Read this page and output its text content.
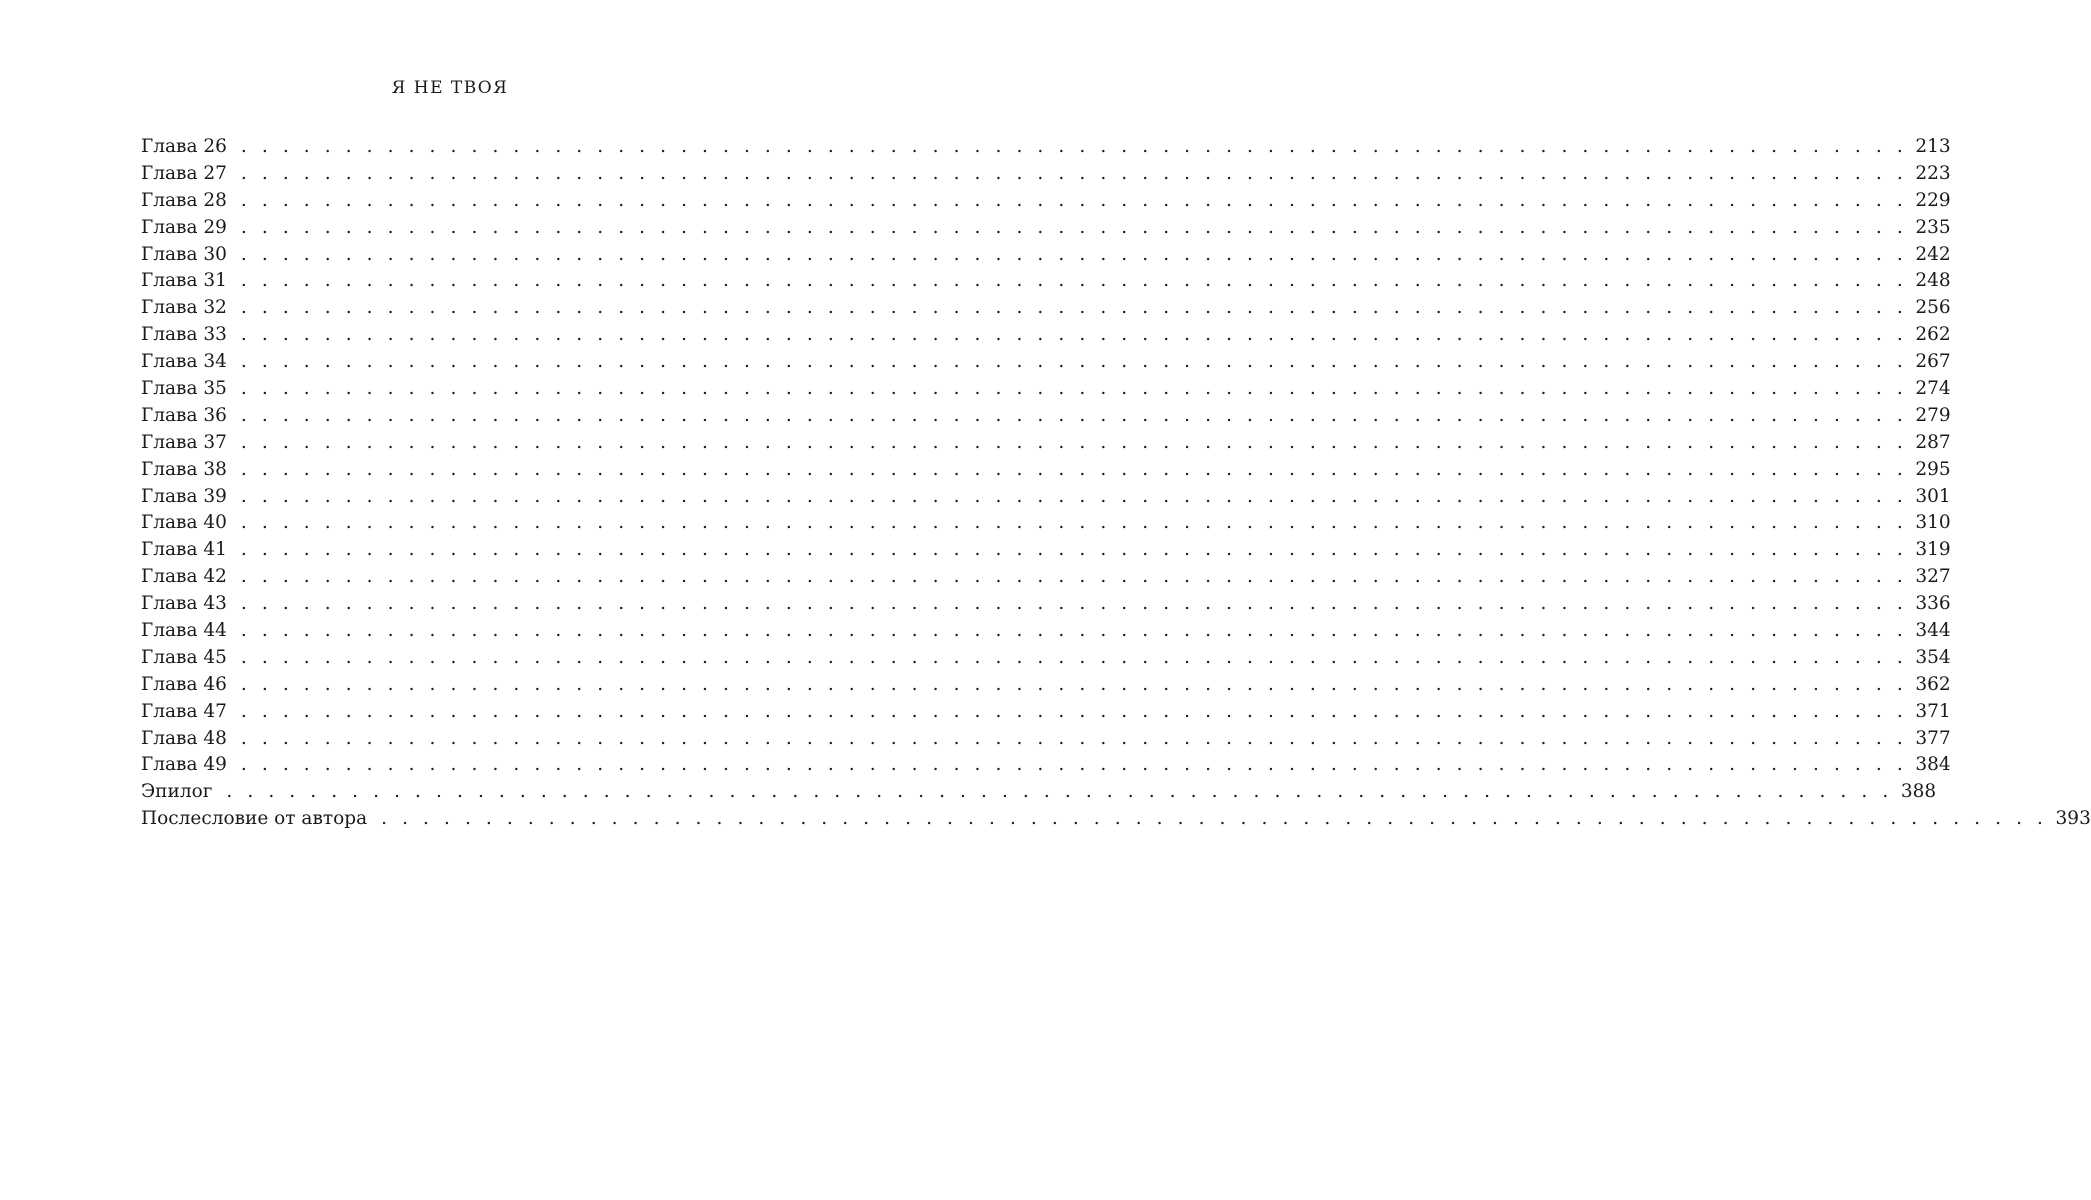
Я НЕ ТВОЯ
Глава 26 . . . . . . . . . . . . . . . . . . . . . . . . . . . . . . . . . . . . . . . . . . . . . . . . . . . . . . . . . . . . . . . . . . . . . . . . . . . . . . . . 213
Глава 27 . . . . . . . . . . . . . . . . . . . . . . . . . . . . . . . . . . . . . . . . . . . . . . . . . . . . . . . . . . . . . . . . . . . . . . . . . . . . . . . . 223
Глава 28 . . . . . . . . . . . . . . . . . . . . . . . . . . . . . . . . . . . . . . . . . . . . . . . . . . . . . . . . . . . . . . . . . . . . . . . . . . . . . . . . 229
Глава 29 . . . . . . . . . . . . . . . . . . . . . . . . . . . . . . . . . . . . . . . . . . . . . . . . . . . . . . . . . . . . . . . . . . . . . . . . . . . . . . . . 235
Глава 30 . . . . . . . . . . . . . . . . . . . . . . . . . . . . . . . . . . . . . . . . . . . . . . . . . . . . . . . . . . . . . . . . . . . . . . . . . . . . . . . . 242
Глава 31 . . . . . . . . . . . . . . . . . . . . . . . . . . . . . . . . . . . . . . . . . . . . . . . . . . . . . . . . . . . . . . . . . . . . . . . . . . . . . . . . 248
Глава 32 . . . . . . . . . . . . . . . . . . . . . . . . . . . . . . . . . . . . . . . . . . . . . . . . . . . . . . . . . . . . . . . . . . . . . . . . . . . . . . . . 256
Глава 33 . . . . . . . . . . . . . . . . . . . . . . . . . . . . . . . . . . . . . . . . . . . . . . . . . . . . . . . . . . . . . . . . . . . . . . . . . . . . . . . . 262
Глава 34 . . . . . . . . . . . . . . . . . . . . . . . . . . . . . . . . . . . . . . . . . . . . . . . . . . . . . . . . . . . . . . . . . . . . . . . . . . . . . . . . 267
Глава 35 . . . . . . . . . . . . . . . . . . . . . . . . . . . . . . . . . . . . . . . . . . . . . . . . . . . . . . . . . . . . . . . . . . . . . . . . . . . . . . . . 274
Глава 36 . . . . . . . . . . . . . . . . . . . . . . . . . . . . . . . . . . . . . . . . . . . . . . . . . . . . . . . . . . . . . . . . . . . . . . . . . . . . . . . . 279
Глава 37 . . . . . . . . . . . . . . . . . . . . . . . . . . . . . . . . . . . . . . . . . . . . . . . . . . . . . . . . . . . . . . . . . . . . . . . . . . . . . . . . 287
Глава 38 . . . . . . . . . . . . . . . . . . . . . . . . . . . . . . . . . . . . . . . . . . . . . . . . . . . . . . . . . . . . . . . . . . . . . . . . . . . . . . . . 295
Глава 39 . . . . . . . . . . . . . . . . . . . . . . . . . . . . . . . . . . . . . . . . . . . . . . . . . . . . . . . . . . . . . . . . . . . . . . . . . . . . . . . . 301
Глава 40 . . . . . . . . . . . . . . . . . . . . . . . . . . . . . . . . . . . . . . . . . . . . . . . . . . . . . . . . . . . . . . . . . . . . . . . . . . . . . . . . 310
Глава 41 . . . . . . . . . . . . . . . . . . . . . . . . . . . . . . . . . . . . . . . . . . . . . . . . . . . . . . . . . . . . . . . . . . . . . . . . . . . . . . . . 319
Глава 42 . . . . . . . . . . . . . . . . . . . . . . . . . . . . . . . . . . . . . . . . . . . . . . . . . . . . . . . . . . . . . . . . . . . . . . . . . . . . . . . . 327
Глава 43 . . . . . . . . . . . . . . . . . . . . . . . . . . . . . . . . . . . . . . . . . . . . . . . . . . . . . . . . . . . . . . . . . . . . . . . . . . . . . . . . 336
Глава 44 . . . . . . . . . . . . . . . . . . . . . . . . . . . . . . . . . . . . . . . . . . . . . . . . . . . . . . . . . . . . . . . . . . . . . . . . . . . . . . . . 344
Глава 45 . . . . . . . . . . . . . . . . . . . . . . . . . . . . . . . . . . . . . . . . . . . . . . . . . . . . . . . . . . . . . . . . . . . . . . . . . . . . . . . . 354
Глава 46 . . . . . . . . . . . . . . . . . . . . . . . . . . . . . . . . . . . . . . . . . . . . . . . . . . . . . . . . . . . . . . . . . . . . . . . . . . . . . . . . 362
Глава 47 . . . . . . . . . . . . . . . . . . . . . . . . . . . . . . . . . . . . . . . . . . . . . . . . . . . . . . . . . . . . . . . . . . . . . . . . . . . . . . . . 371
Глава 48 . . . . . . . . . . . . . . . . . . . . . . . . . . . . . . . . . . . . . . . . . . . . . . . . . . . . . . . . . . . . . . . . . . . . . . . . . . . . . . . . 377
Глава 49 . . . . . . . . . . . . . . . . . . . . . . . . . . . . . . . . . . . . . . . . . . . . . . . . . . . . . . . . . . . . . . . . . . . . . . . . . . . . . . . . 384
Эпилог . . . . . . . . . . . . . . . . . . . . . . . . . . . . . . . . . . . . . . . . . . . . . . . . . . . . . . . . . . . . . . . . . . . . . . . . . . . . . . . . 388
Послесловие от автора . . . . . . . . . . . . . . . . . . . . . . . . . . . . . . . . . . . . . . . . . . . . . . . . . . . . . . . . . . . . . . . . . . . . . . . . . . . . . . . . 393
